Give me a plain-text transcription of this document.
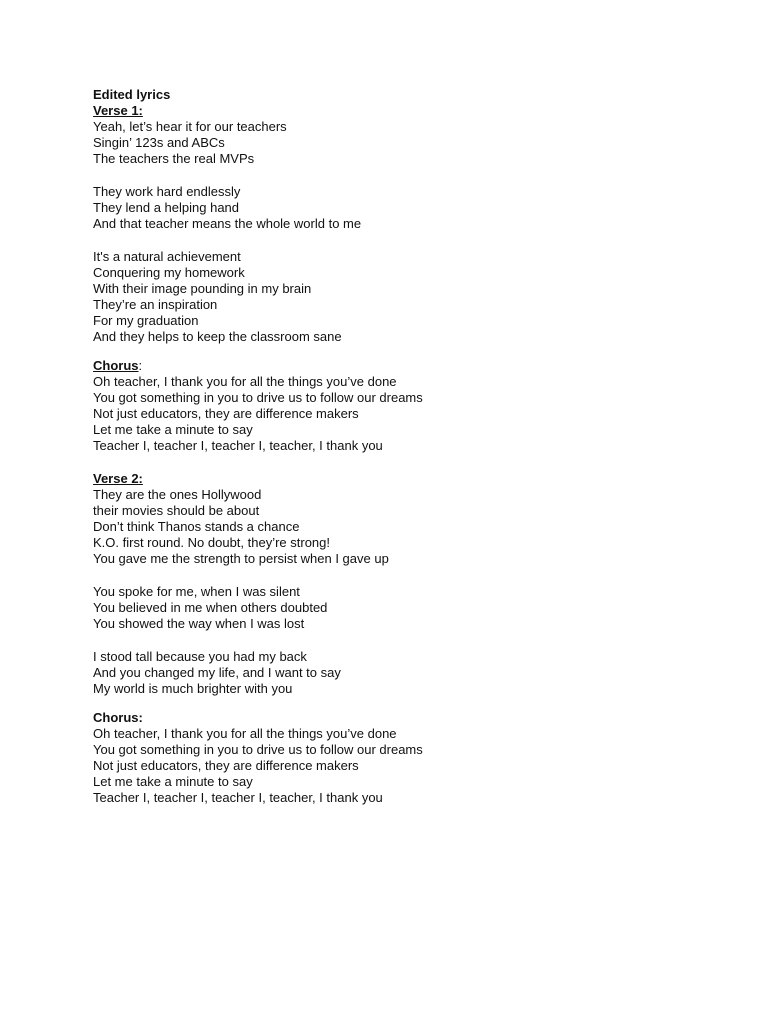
Edited lyrics
Verse 1:
Yeah, let’s hear it for our teachers
Singin’ 123s and ABCs
The teachers the real MVPs
They work hard endlessly
They lend a helping hand
And that teacher means the whole world to me
It's a natural achievement
Conquering my homework
With their image pounding in my brain
They’re an inspiration
For my graduation
And they helps to keep the classroom sane
Chorus:
Oh teacher, I thank you for all the things you’ve done
You got something in you to drive us to follow our dreams
Not just educators, they are difference makers
Let me take a minute to say
Teacher I, teacher I, teacher I, teacher, I thank you
Verse 2:
They are the ones Hollywood
their movies should be about
Don’t think Thanos stands a chance
K.O. first round. No doubt, they’re strong!
You gave me the strength to persist when I gave up
You spoke for me, when I was silent
You believed in me when others doubted
You showed the way when I was lost
I stood tall because you had my back
And you changed my life, and I want to say
My world is much brighter with you
Chorus:
Oh teacher, I thank you for all the things you’ve done
You got something in you to drive us to follow our dreams
Not just educators, they are difference makers
Let me take a minute to say
Teacher I, teacher I, teacher I, teacher, I thank you
